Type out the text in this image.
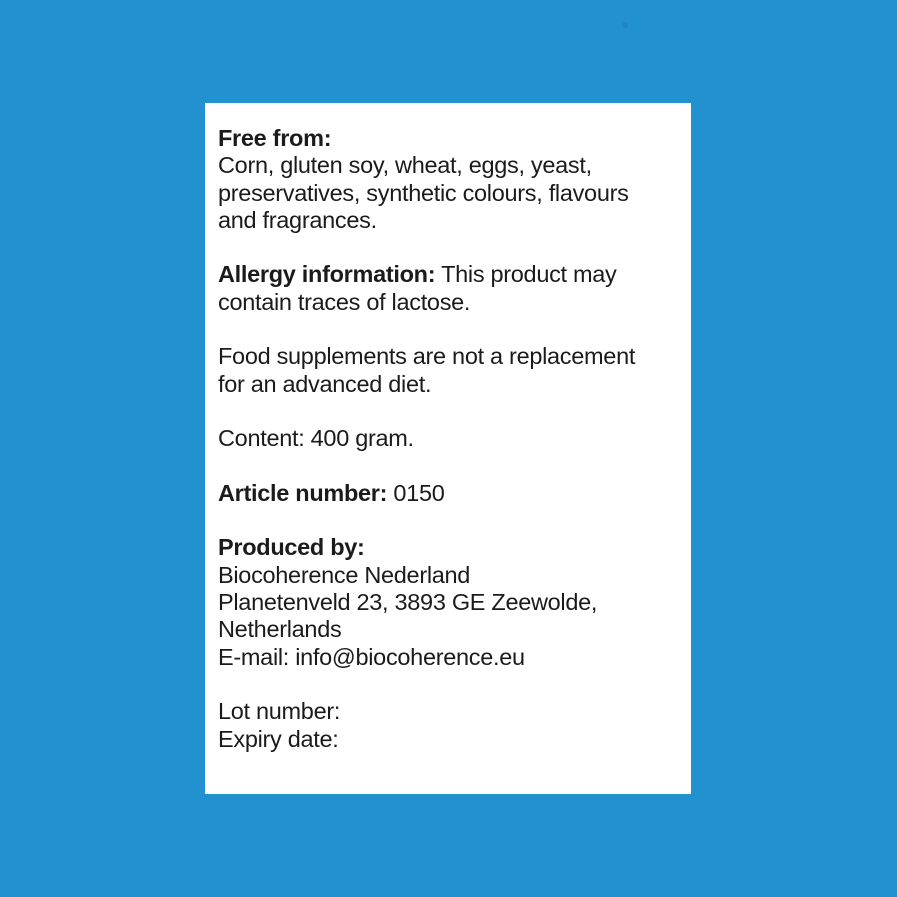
Free from:
Corn, gluten soy, wheat, eggs, yeast,
preservatives, synthetic colours, flavours
and fragrances.
Allergy information: This product may
contain traces of lactose.
Food supplements are not a replacement
for an advanced diet.
Content: 400 gram.
Article number: 0150
Produced by:
Biocoherence Nederland
Planetenveld 23, 3893 GE Zeewolde,
Netherlands
E-mail: info@biocoherence.eu
Lot number:
Expiry date:
